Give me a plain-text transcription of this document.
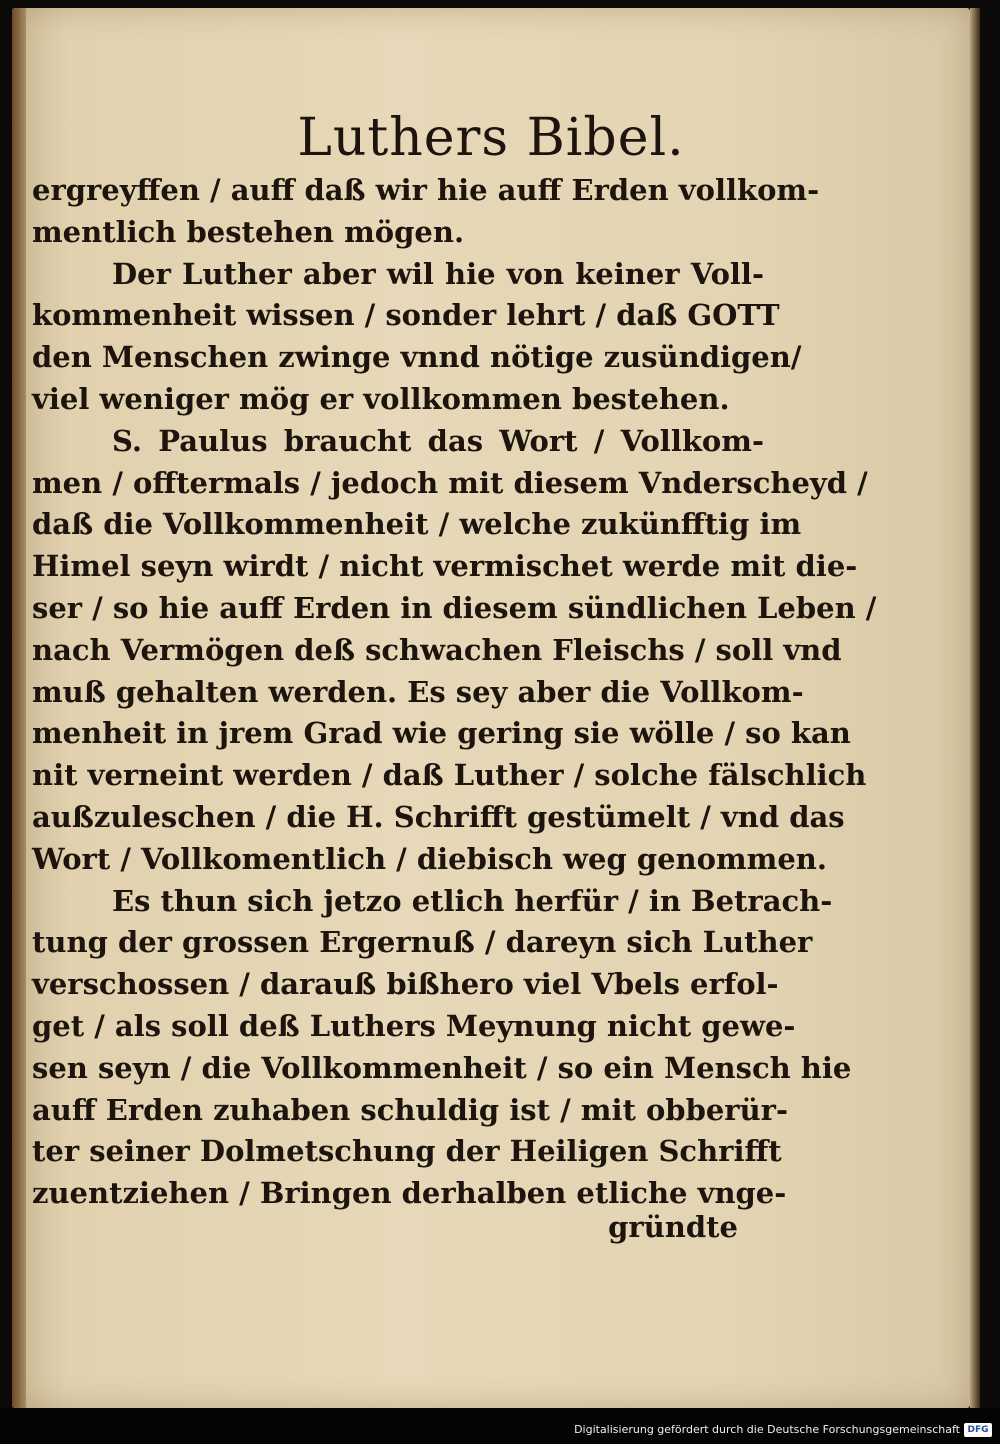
Luthers Bibel.
ergreyffen / auff daß wir hie auff Erden vollkom-
mentlich bestehen mögen.
Der Luther aber wil hie von keiner Voll-
kommenheit wissen / sonder lehrt / daß GOTT
den Menschen zwinge vnnd nötige zusündigen/
viel weniger mög er vollkommen bestehen.
S. Paulus braucht das Wort / Vollkom-
men / offtermals / jedoch mit diesem Vnderscheyd /
daß die Vollkommenheit / welche zukünfftig im
Himel seyn wirdt / nicht vermischet werde mit die-
ser / so hie auff Erden in diesem sündlichen Leben /
nach Vermögen deß schwachen Fleischs / soll vnd
muß gehalten werden. Es sey aber die Vollkom-
menheit in jrem Grad wie gering sie wölle / so kan
nit verneint werden / daß Luther / solche fälschlich
außzuleschen / die H. Schrifft gestümelt / vnd das
Wort / Vollkomentlich / diebisch weg genommen.
Es thun sich jetzo etlich herfür / in Betrach-
tung der grossen Ergernuß / dareyn sich Luther
verschossen / darauß bißhero viel Vbels erfol-
get / als soll deß Luthers Meynung nicht gewe-
sen seyn / die Vollkommenheit / so ein Mensch hie
auff Erden zuhaben schuldig ist / mit obberür-
ter seiner Dolmetschung der Heiligen Schrifft
zuentziehen / Bringen derhalben etliche vnge-
gründte
Digitalisierung gefördert durch die Deutsche Forschungsgemeinschaft DFG
